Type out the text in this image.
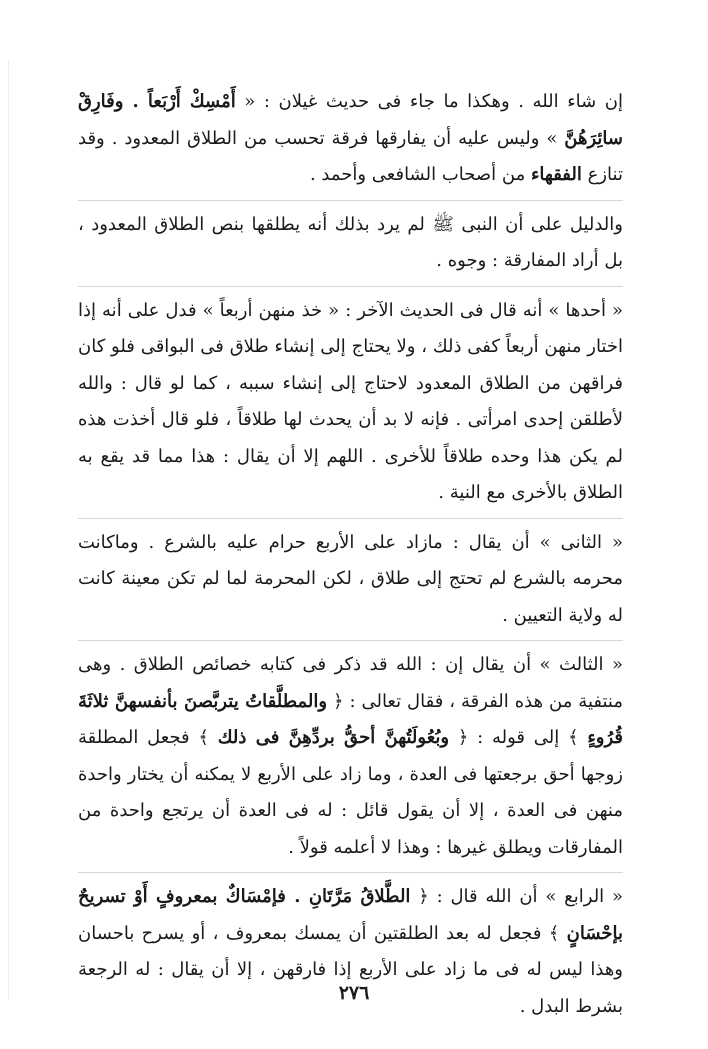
إن شاء الله . وهكذا ما جاء فى حديث غيلان : « أَمْسِكْ أَرْبَعاً . وفَارِقْ سائِرَهُنَّ » وليس عليه أن يفارقها فرقة تحسب من الطلاق المعدود . وقد تنازع الفقهاء من أصحاب الشافعى وأحمد .

والدليل على أن النبى ﷺ لم يرد بذلك أنه يطلقها بنص الطلاق المعدود ، بل أراد المفارقة : وجوه .

« أحدها » أنه قال فى الحديث الآخر : « خذ منهن أربعاً » فدل على أنه إذا اختار منهن أربعاً كفى ذلك ، ولا يحتاج إلى إنشاء طلاق فى البواقى فلو كان فراقهن من الطلاق المعدود لاحتاج إلى إنشاء سببه ، كما لو قال : والله لأطلقن إحدى امرأتى . فإنه لا بد أن يحدث لها طلاقاً ، فلو قال أخذت هذه لم يكن هذا وحده طلاقاً للأخرى . اللهم إلا أن يقال : هذا مما قد يقع به الطلاق بالأخرى مع النية .

« الثانى » أن يقال : مازاد على الأربع حرام عليه بالشرع . وماكانت محرمه بالشرع لم تحتج إلى طلاق ، لكن المحرمة لما لم تكن معينة كانت له ولاية التعيين .

« الثالث » أن يقال إن : الله قد ذكر فى كتابه خصائص الطلاق . وهى منتفية من هذه الفرقة ، فقال تعالى : ﴿ والمطلَّقاتُ يتربَّصنَ بأنفسهنَّ ثلاثَةَ قُرُوءٍ ﴾ إلى قوله : ﴿ وبُعُولَتُهنَّ أحقُّ بردِّهِنَّ فى ذلك ﴾ فجعل المطلقة زوجها أحق برجعتها فى العدة ، وما زاد على الأربع لا يمكنه أن يختار واحدة منهن فى العدة ، إلا أن يقول قائل : له فى العدة أن يرتجع واحدة من المفارقات ويطلق غيرها : وهذا لا أعلمه قولاً .

« الرابع » أن الله قال : ﴿ الطَّلاقُ مَرَّتَانِ . فإمْسَاكٌ بمعروفٍ أَوْ تسريحٌ بإحْسَانٍ ﴾ فجعل له بعد الطلقتين أن يمسك بمعروف ، أو يسرح باحسان وهذا ليس له فى ما زاد على الأربع إذا فارقهن ، إلا أن يقال : له الرجعة بشرط البدل .

٢٧٦
